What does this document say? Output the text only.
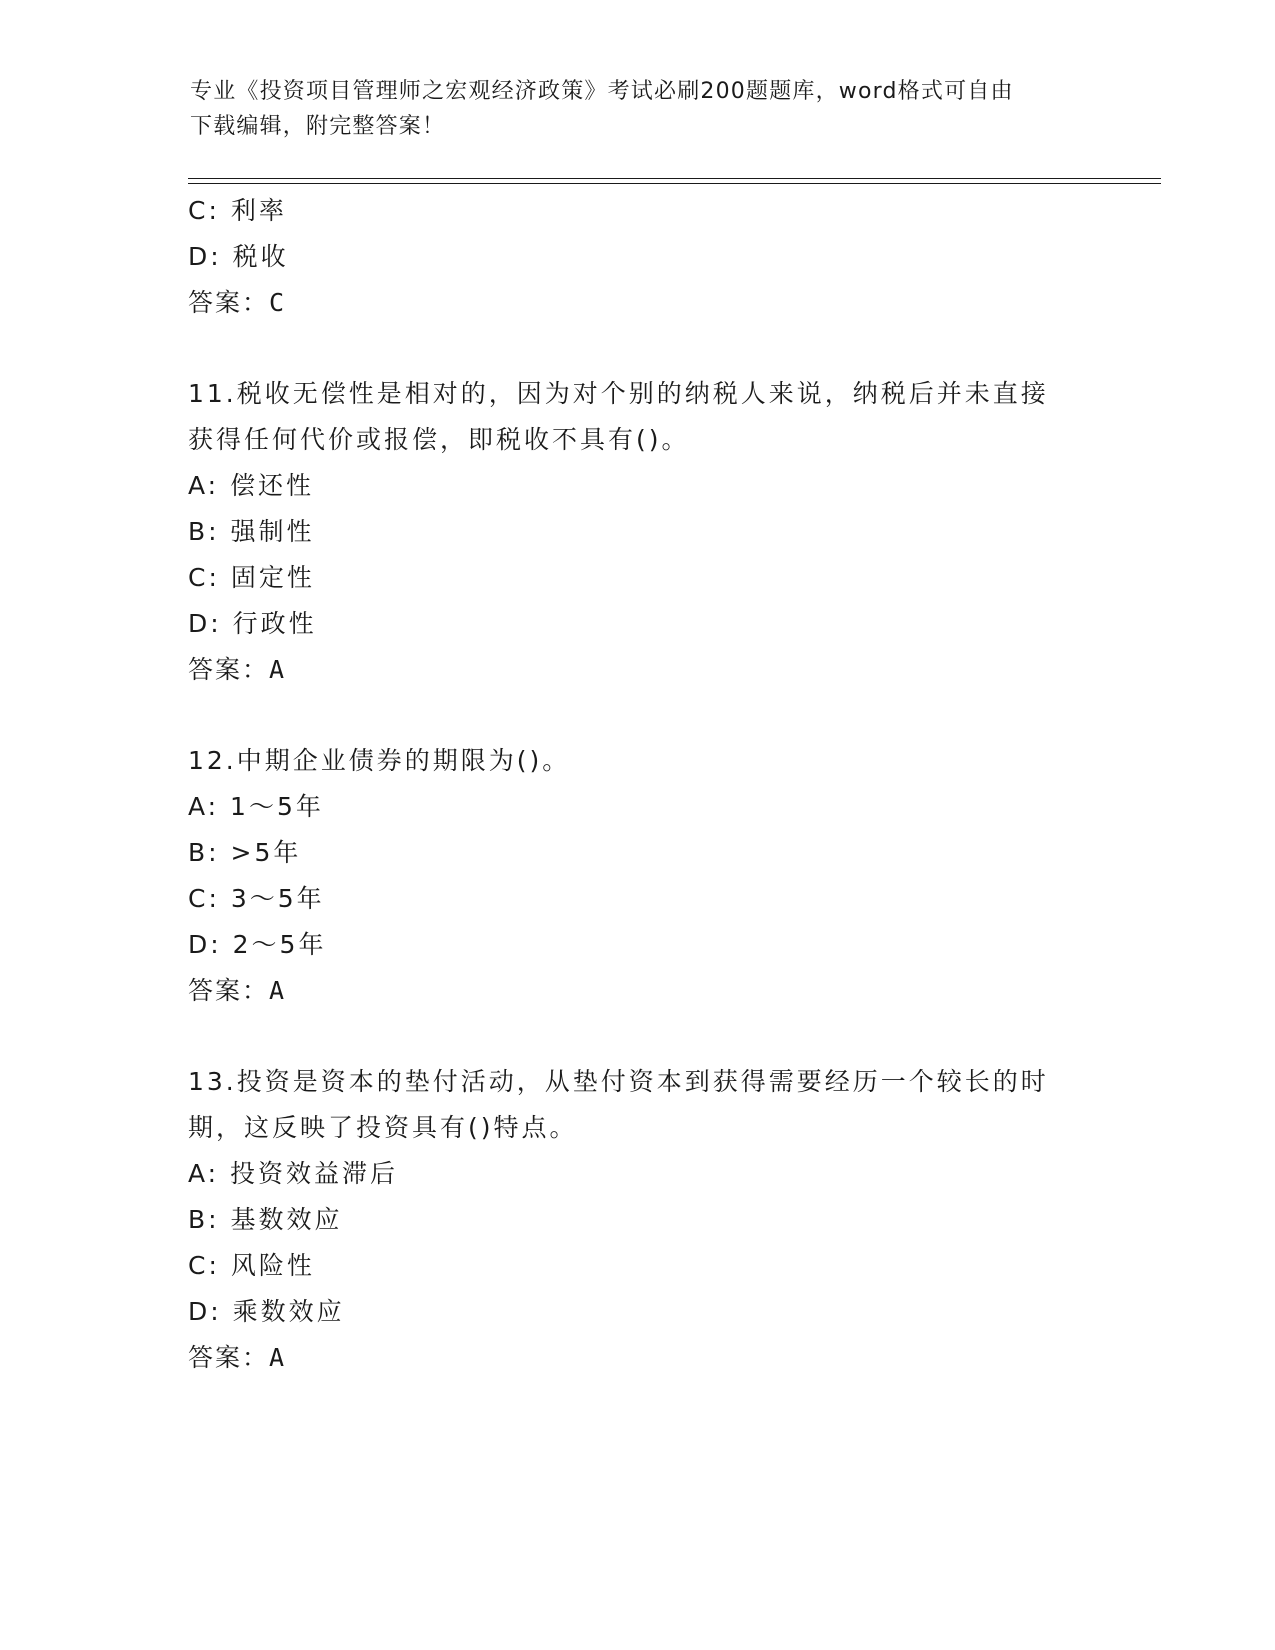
专业《投资项目管理师之宏观经济政策》考试必刷200题题库，word格式可自由
下载编辑，附完整答案！
C: 利率
D: 税收
答案：C
11.税收无偿性是相对的，因为对个别的纳税人来说，纳税后并未直接
获得任何代价或报偿，即税收不具有()。
A: 偿还性
B: 强制性
C: 固定性
D: 行政性
答案：A
12.中期企业债券的期限为()。
A: 1～5年
B: >5年
C: 3～5年
D: 2～5年
答案：A
13.投资是资本的垫付活动，从垫付资本到获得需要经历一个较长的时
期，这反映了投资具有()特点。
A: 投资效益滞后
B: 基数效应
C: 风险性
D: 乘数效应
答案：A
